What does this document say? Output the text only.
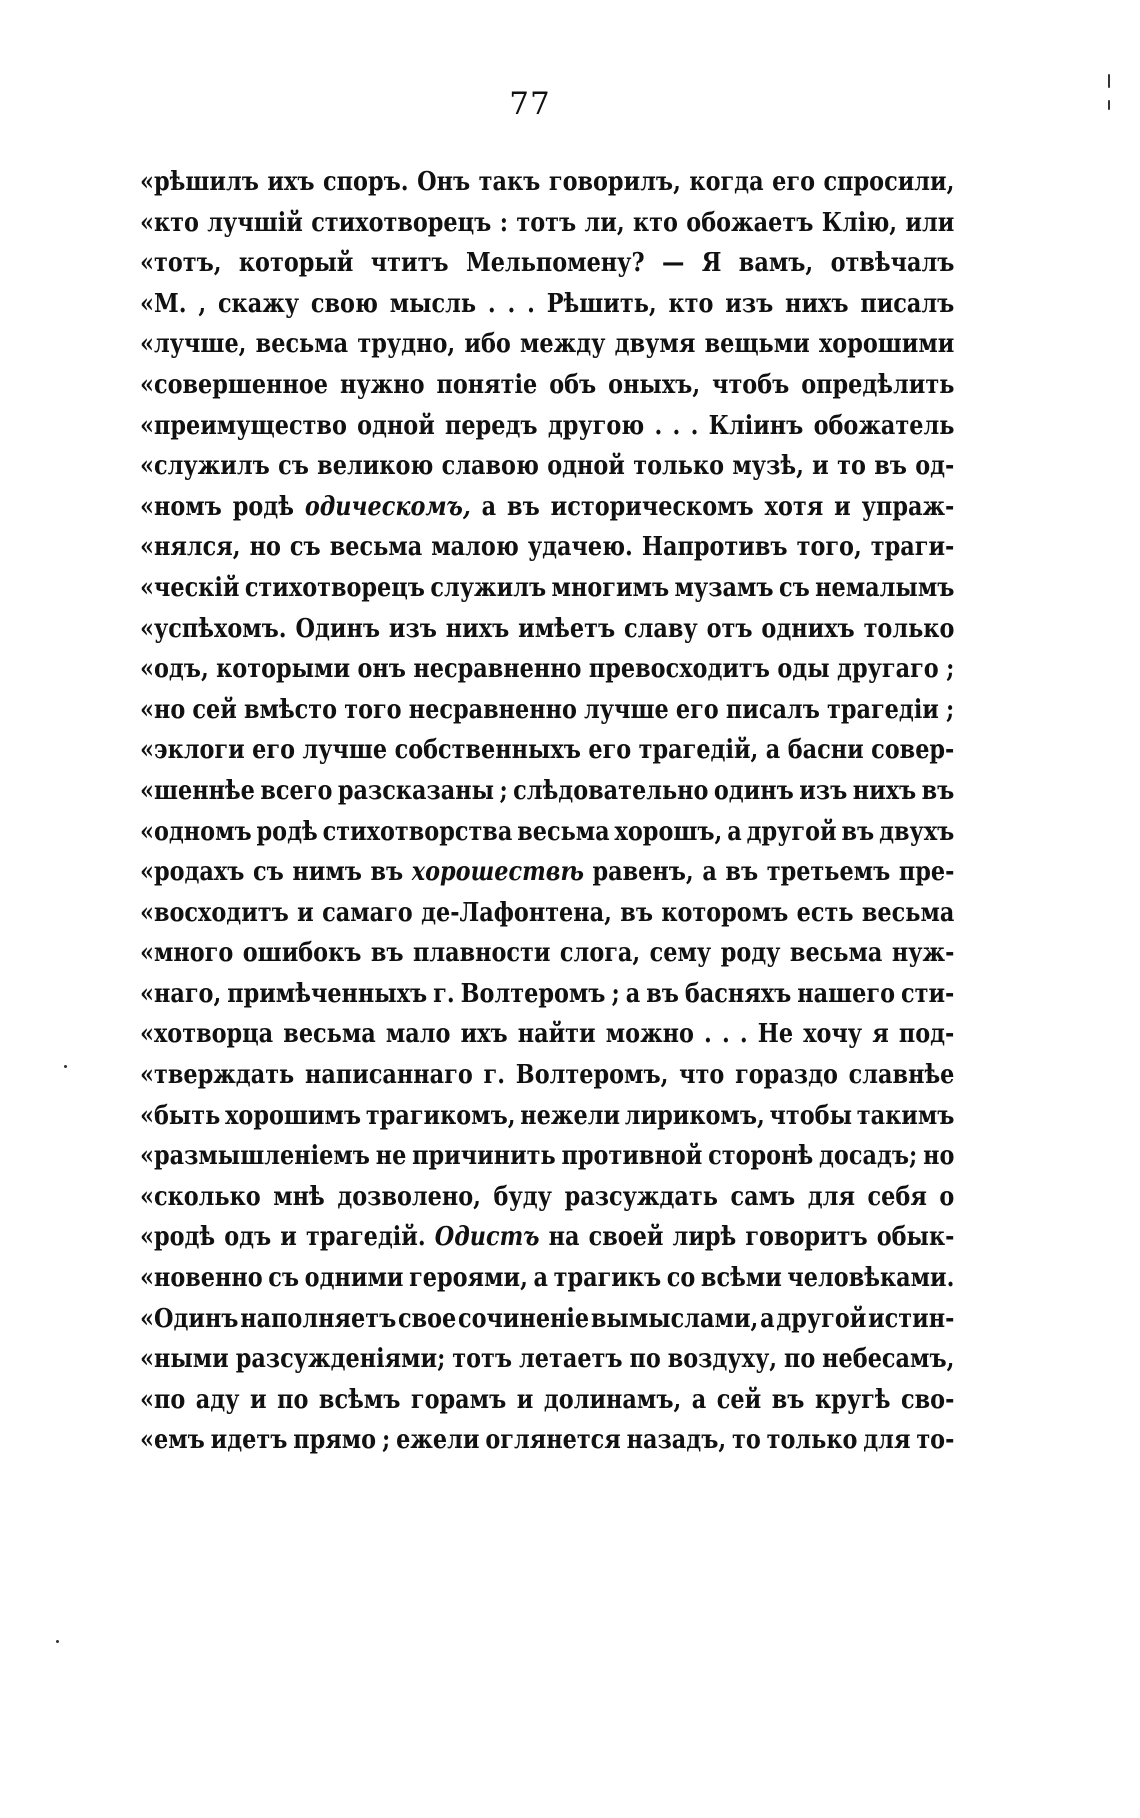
77
«рѣшилъ ихъ споръ. Онъ такъ говорилъ, когда его спросили,
«кто лучшій стихотворецъ : тотъ ли, кто обожаетъ Клію, или
«тотъ, который чтитъ Мельпомену? — Я вамъ, отвѣчалъ
«М. , скажу свою мысль . . . Рѣшить, кто изъ нихъ писалъ
«лучше, весьма трудно, ибо между двумя вещьми хорошими
«совершенное нужно понятіе объ оныхъ, чтобъ опредѣлить
«преимущество одной передъ другою . . . Кліинъ обожатель
«служилъ съ великою славою одной только музѣ, и то въ од-
«номъ родѣ одическомъ, а въ историческомъ хотя и упраж-
«нялся, но съ весьма малою удачею. Напротивъ того, траги-
«ческій стихотворецъ служилъ многимъ музамъ съ немалымъ
«успѣхомъ. Одинъ изъ нихъ имѣетъ славу отъ однихъ только
«одъ, которыми онъ несравненно превосходитъ оды другаго ;
«но сей вмѣсто того несравненно лучше его писалъ трагедіи ;
«эклоги его лучше собственныхъ его трагедій, а басни совер-
«шеннѣе всего разсказаны ; слѣдовательно одинъ изъ нихъ въ
«одномъ родѣ стихотворства весьма хорошъ, а другой въ двухъ
«родахъ съ нимъ въ хорошествѣ равенъ, а въ третьемъ пре-
«восходитъ и самаго де-Лафонтена, въ которомъ есть весьма
«много ошибокъ въ плавности слога, сему роду весьма нуж-
«наго, примѣченныхъ г. Волтеромъ ; а въ басняхъ нашего сти-
«хотворца весьма мало ихъ найти можно . . . Не хочу я под-
«тверждать написаннаго г. Волтеромъ, что гораздо славнѣе
«быть хорошимъ трагикомъ, нежели лирикомъ, чтобы такимъ
«размышленіемъ не причинить противной сторонѣ досадъ; но
«сколько мнѣ дозволено, буду разсуждать самъ для себя о
«родѣ одъ и трагедій. Одистъ на своей лирѣ говоритъ обык-
«новенно съ одними героями, а трагикъ со всѣми человѣками.
«Одинъ наполняетъ свое сочиненіе вымыслами, а другой истин-
«ными разсужденіями; тотъ летаетъ по воздуху, по небесамъ,
«по аду и по всѣмъ горамъ и долинамъ, а сей въ кругѣ сво-
«емъ идетъ прямо ; ежели оглянется назадъ, то только для то-
